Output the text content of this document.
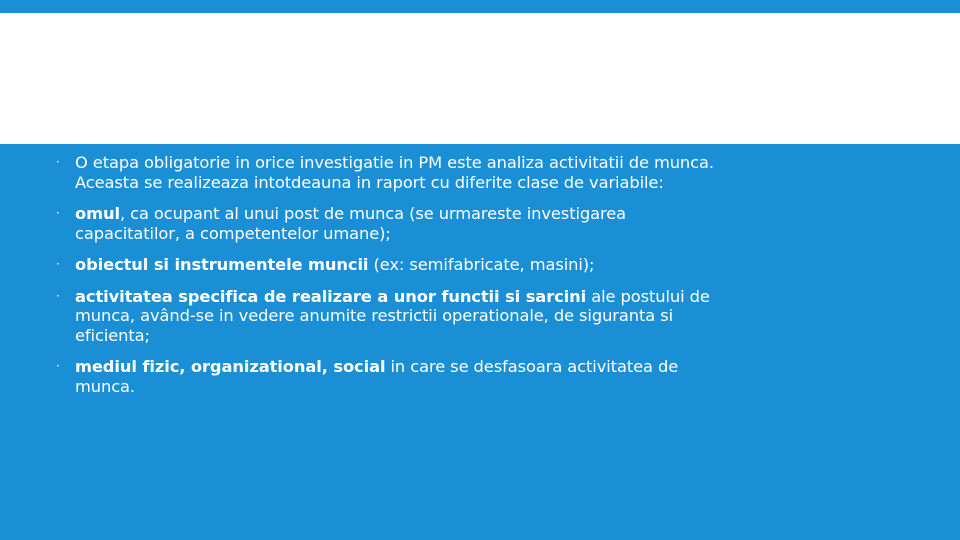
· O etapa obligatorie in orice investigatie in PM este analiza activitatii de munca. Aceasta se realizeaza intotdeauna in raport cu diferite clase de variabile:

· omul, ca ocupant al unui post de munca (se urmareste investigarea capacitatilor, a competentelor umane);

· obiectul si instrumentele muncii (ex: semifabricate, masini);

· activitatea specifica de realizare a unor functii si sarcini ale postului de munca, având-se in vedere anumite restrictii operationale, de siguranta si eficienta;

· mediul fizic, organizational, social in care se desfasoara activitatea de munca.
